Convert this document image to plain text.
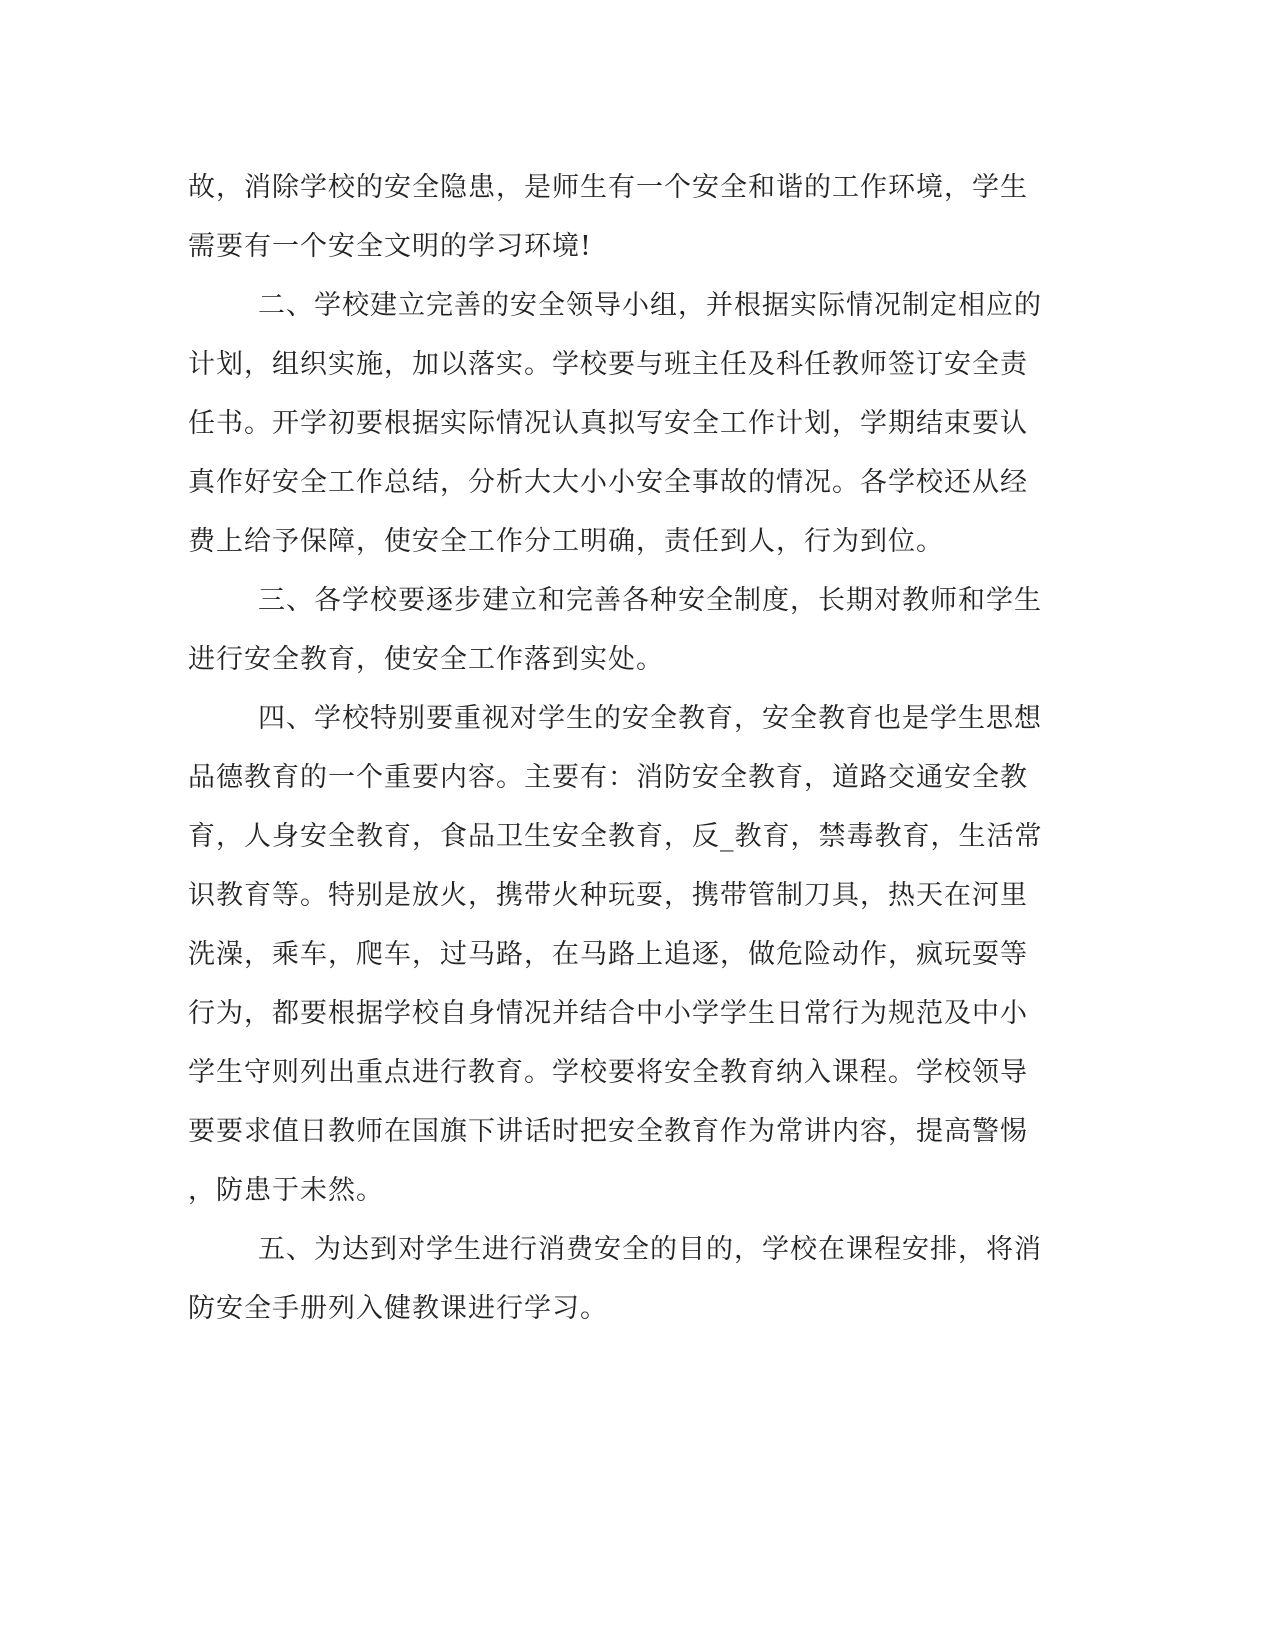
故，消除学校的安全隐患，是师生有一个安全和谐的工作环境，学生
需要有一个安全文明的学习环境!
二、学校建立完善的安全领导小组，并根据实际情况制定相应的
计划，组织实施，加以落实。学校要与班主任及科任教师签订安全责
任书。开学初要根据实际情况认真拟写安全工作计划，学期结束要认
真作好安全工作总结，分析大大小小安全事故的情况。各学校还从经
费上给予保障，使安全工作分工明确，责任到人，行为到位。
三、各学校要逐步建立和完善各种安全制度，长期对教师和学生
进行安全教育，使安全工作落到实处。
四、学校特别要重视对学生的安全教育，安全教育也是学生思想
品德教育的一个重要内容。主要有：消防安全教育，道路交通安全教
育，人身安全教育，食品卫生安全教育，反_教育，禁毒教育，生活常
识教育等。特别是放火，携带火种玩耍，携带管制刀具，热天在河里
洗澡，乘车，爬车，过马路，在马路上追逐，做危险动作，疯玩耍等
行为，都要根据学校自身情况并结合中小学学生日常行为规范及中小
学生守则列出重点进行教育。学校要将安全教育纳入课程。学校领导
要要求值日教师在国旗下讲话时把安全教育作为常讲内容，提高警惕
，防患于未然。
五、为达到对学生进行消费安全的目的，学校在课程安排，将消
防安全手册列入健教课进行学习。
